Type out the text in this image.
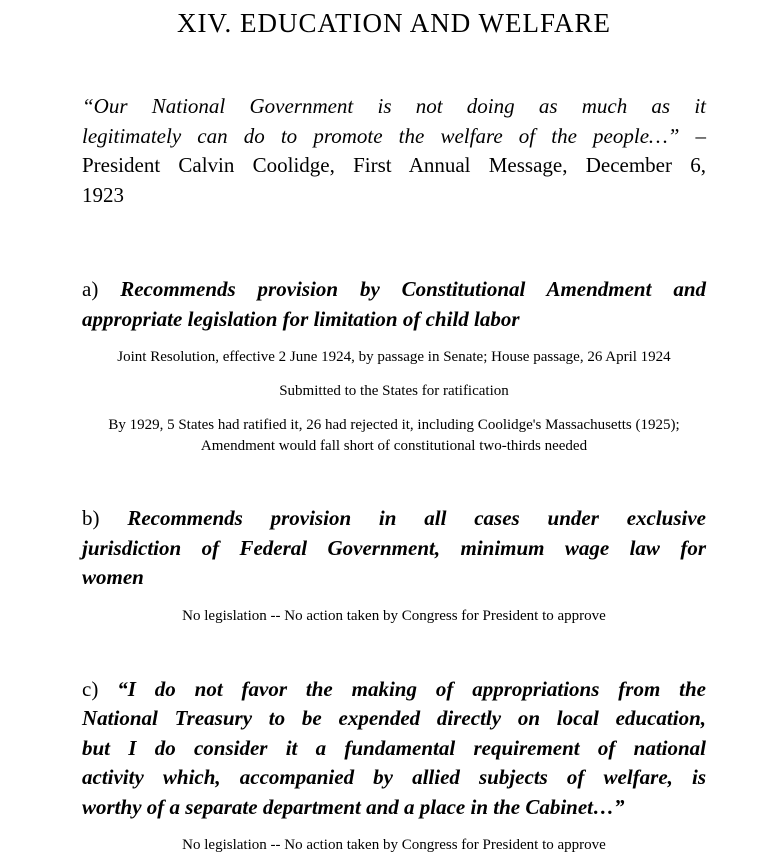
XIV. EDUCATION AND WELFARE
“Our National Government is not doing as much as it
legitimately can do to promote the welfare of the people…” –
President Calvin Coolidge, First Annual Message, December 6,
1923
a) Recommends provision by Constitutional Amendment and
appropriate legislation for limitation of child labor

Joint Resolution, effective 2 June 1924, by passage in Senate; House passage, 26 April 1924

Submitted to the States for ratification

By 1929, 5 States had ratified it, 26 had rejected it, including Coolidge's Massachusetts (1925); Amendment would fall short of constitutional two-thirds needed

b) Recommends provision in all cases under exclusive
jurisdiction of Federal Government, minimum wage law for
women

No legislation -- No action taken by Congress for President to approve

c) “I do not favor the making of appropriations from the
National Treasury to be expended directly on local education,
but I do consider it a fundamental requirement of national
activity which, accompanied by allied subjects of welfare, is
worthy of a separate department and a place in the Cabinet…”

No legislation -- No action taken by Congress for President to approve
